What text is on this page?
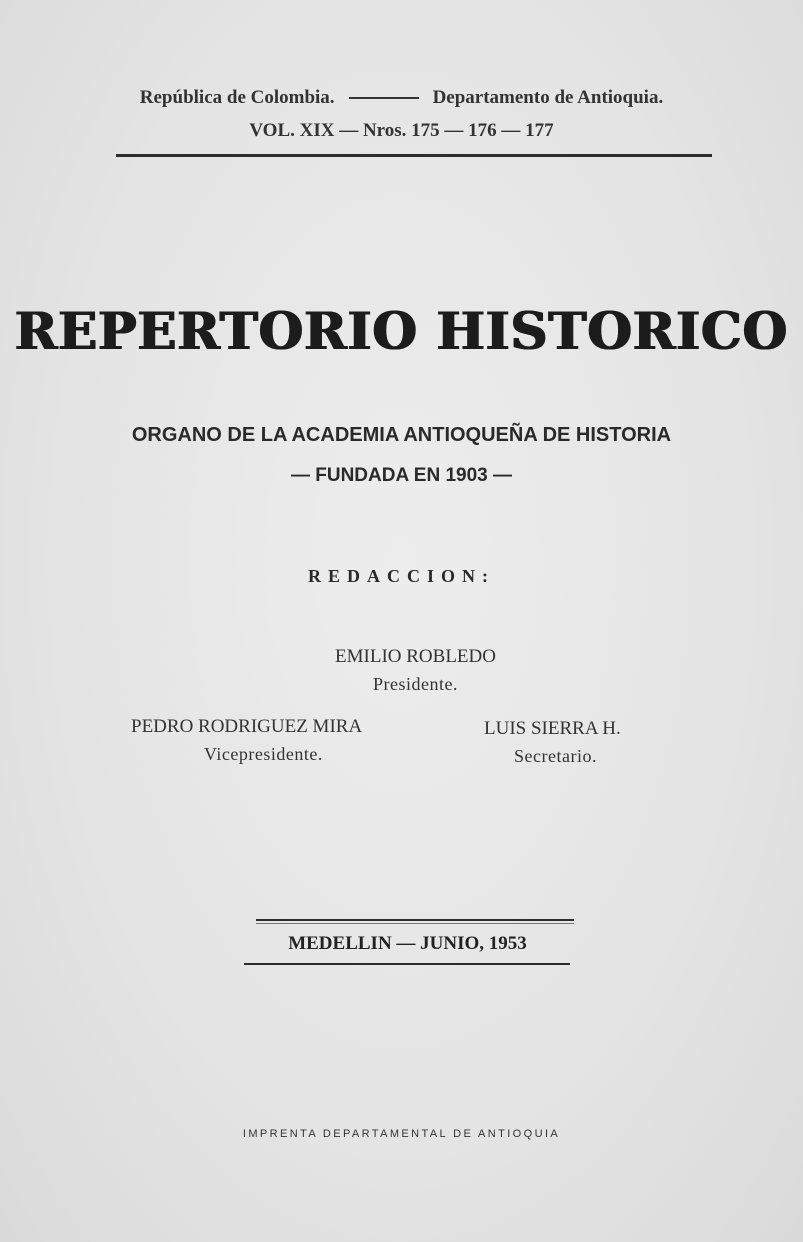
República de Colombia.	Departamento de Antioquia.
VOL. XIX — Nros. 175 — 176 — 177
REPERTORIO HISTORICO
ORGANO DE LA ACADEMIA ANTIOQUEÑA DE HISTORIA
— FUNDADA EN 1903 —
REDACCION:
EMILIO ROBLEDO
Presidente.
PEDRO RODRIGUEZ MIRA
Vicepresidente.
LUIS SIERRA H.
Secretario.
MEDELLIN — JUNIO, 1953
IMPRENTA DEPARTAMENTAL DE ANTIOQUIA
